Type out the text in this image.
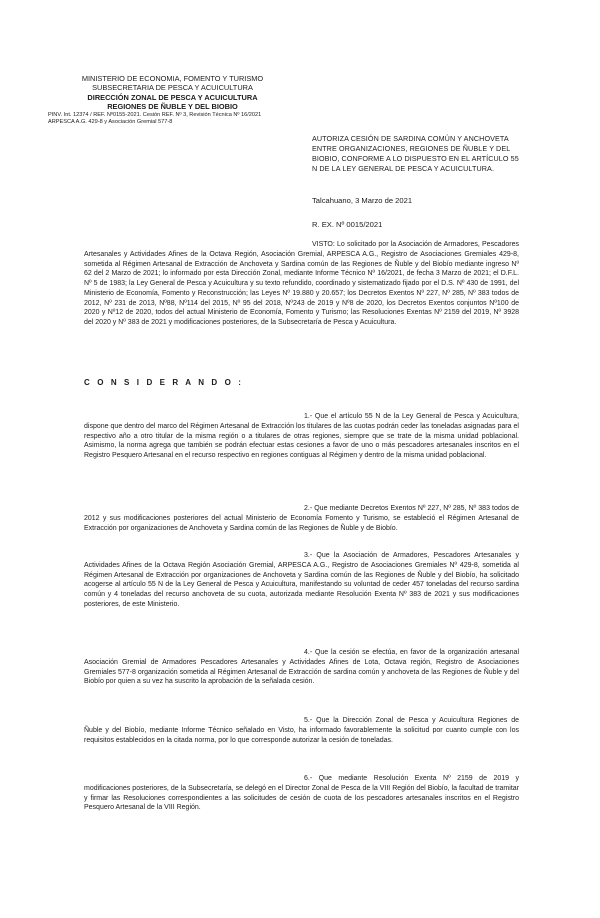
MINISTERIO DE ECONOMIA, FOMENTO Y TURISMO
SUBSECRETARIA DE PESCA Y ACUICULTURA
DIRECCIÓN ZONAL DE PESCA Y ACUICULTURA
REGIONES DE ÑUBLE Y DEL BIOBIO
PINV. Int. 12374 / REF. Nº0155-2021. Cesión REF. Nº 3, Revisión Técnica Nº 16/2021
ARPESCA A.G. 429-8 y Asociación Gremial 577-8
AUTORIZA CESIÓN DE SARDINA COMÚN Y ANCHOVETA ENTRE ORGANIZACIONES, REGIONES DE ÑUBLE Y DEL BIOBIO, CONFORME A LO DISPUESTO EN EL ARTÍCULO 55 N DE LA LEY GENERAL DE PESCA Y ACUICULTURA.
Talcahuano, 3 Marzo de 2021
R. EX. Nº 0015/2021
VISTO: Lo solicitado por la Asociación de Armadores, Pescadores Artesanales y Actividades Afines de la Octava Región, Asociación Gremial, ARPESCA A.G., Registro de Asociaciones Gremiales 429-8, sometida al Régimen Artesanal de Extracción de Anchoveta y Sardina común de las Regiones de Ñuble y del Biobío mediante ingreso Nº 62 del 2 Marzo de 2021; lo informado por esta Dirección Zonal, mediante Informe Técnico Nº 16/2021, de fecha 3 Marzo de 2021; el D.F.L. Nº 5 de 1983; la Ley General de Pesca y Acuicultura y su texto refundido, coordinado y sistematizado fijado por el D.S. Nº 430 de 1991, del Ministerio de Economía, Fomento y Reconstrucción; las Leyes Nº 19.880 y 20.657; los Decretos Exentos Nº 227, Nº 285, Nº 383 todos de 2012, Nº 231 de 2013, Nº88, Nº114 del 2015, Nº 95 del 2018, Nº243 de 2019 y Nº8 de 2020, los Decretos Exentos conjuntos Nº100 de 2020 y Nº12 de 2020, todos del actual Ministerio de Economía, Fomento y Turismo; las Resoluciones Exentas Nº 2159 del 2019, Nº 3928 del 2020 y Nº 383 de 2021 y modificaciones posteriores, de la Subsecretaría de Pesca y Acuicultura.
C O N S I D E R A N D O :
1.- Que el artículo 55 N de la Ley General de Pesca y Acuicultura, dispone que dentro del marco del Régimen Artesanal de Extracción los titulares de las cuotas podrán ceder las toneladas asignadas para el respectivo año a otro titular de la misma región o a titulares de otras regiones, siempre que se trate de la misma unidad poblacional. Asimismo, la norma agrega que también se podrán efectuar estas cesiones a favor de uno o más pescadores artesanales inscritos en el Registro Pesquero Artesanal en el recurso respectivo en regiones contiguas al Régimen y dentro de la misma unidad poblacional.
2.- Que mediante Decretos Exentos Nº 227, Nº 285, Nº 383 todos de 2012 y sus modificaciones posteriores del actual Ministerio de Economía Fomento y Turismo, se estableció el Régimen Artesanal de Extracción por organizaciones de Anchoveta y Sardina común de las Regiones de Ñuble y de Biobío.
3.- Que la Asociación de Armadores, Pescadores Artesanales y Actividades Afines de la Octava Región Asociación Gremial, ARPESCA A.G., Registro de Asociaciones Gremiales Nº 429-8, sometida al Régimen Artesanal de Extracción por organizaciones de Anchoveta y Sardina común de las Regiones de Ñuble y del Biobío, ha solicitado acogerse al artículo 55 N de la Ley General de Pesca y Acuicultura, manifestando su voluntad de ceder 457 toneladas del recurso sardina común y 4 toneladas del recurso anchoveta de su cuota, autorizada mediante Resolución Exenta Nº 383 de 2021 y sus modificaciones posteriores, de este Ministerio.
4.- Que la cesión se efectúa, en favor de la organización artesanal Asociación Gremial de Armadores Pescadores Artesanales y Actividades Afines de Lota, Octava región, Registro de Asociaciones Gremiales 577-8 organización sometida al Régimen Artesanal de Extracción de sardina común y anchoveta de las Regiones de Ñuble y del Biobío por quien a su vez ha suscrito la aprobación de la señalada cesión.
5.- Que la Dirección Zonal de Pesca y Acuicultura Regiones de Ñuble y del Biobío, mediante Informe Técnico señalado en Visto, ha informado favorablemente la solicitud por cuanto cumple con los requisitos establecidos en la citada norma, por lo que corresponde autorizar la cesión de toneladas.
6.- Que mediante Resolución Exenta Nº 2159 de 2019 y modificaciones posteriores, de la Subsecretaría, se delegó en el Director Zonal de Pesca de la VIII Región del Biobío, la facultad de tramitar y firmar las Resoluciones correspondientes a las solicitudes de cesión de cuota de los pescadores artesanales inscritos en el Registro Pesquero Artesanal de la VIII Región.
